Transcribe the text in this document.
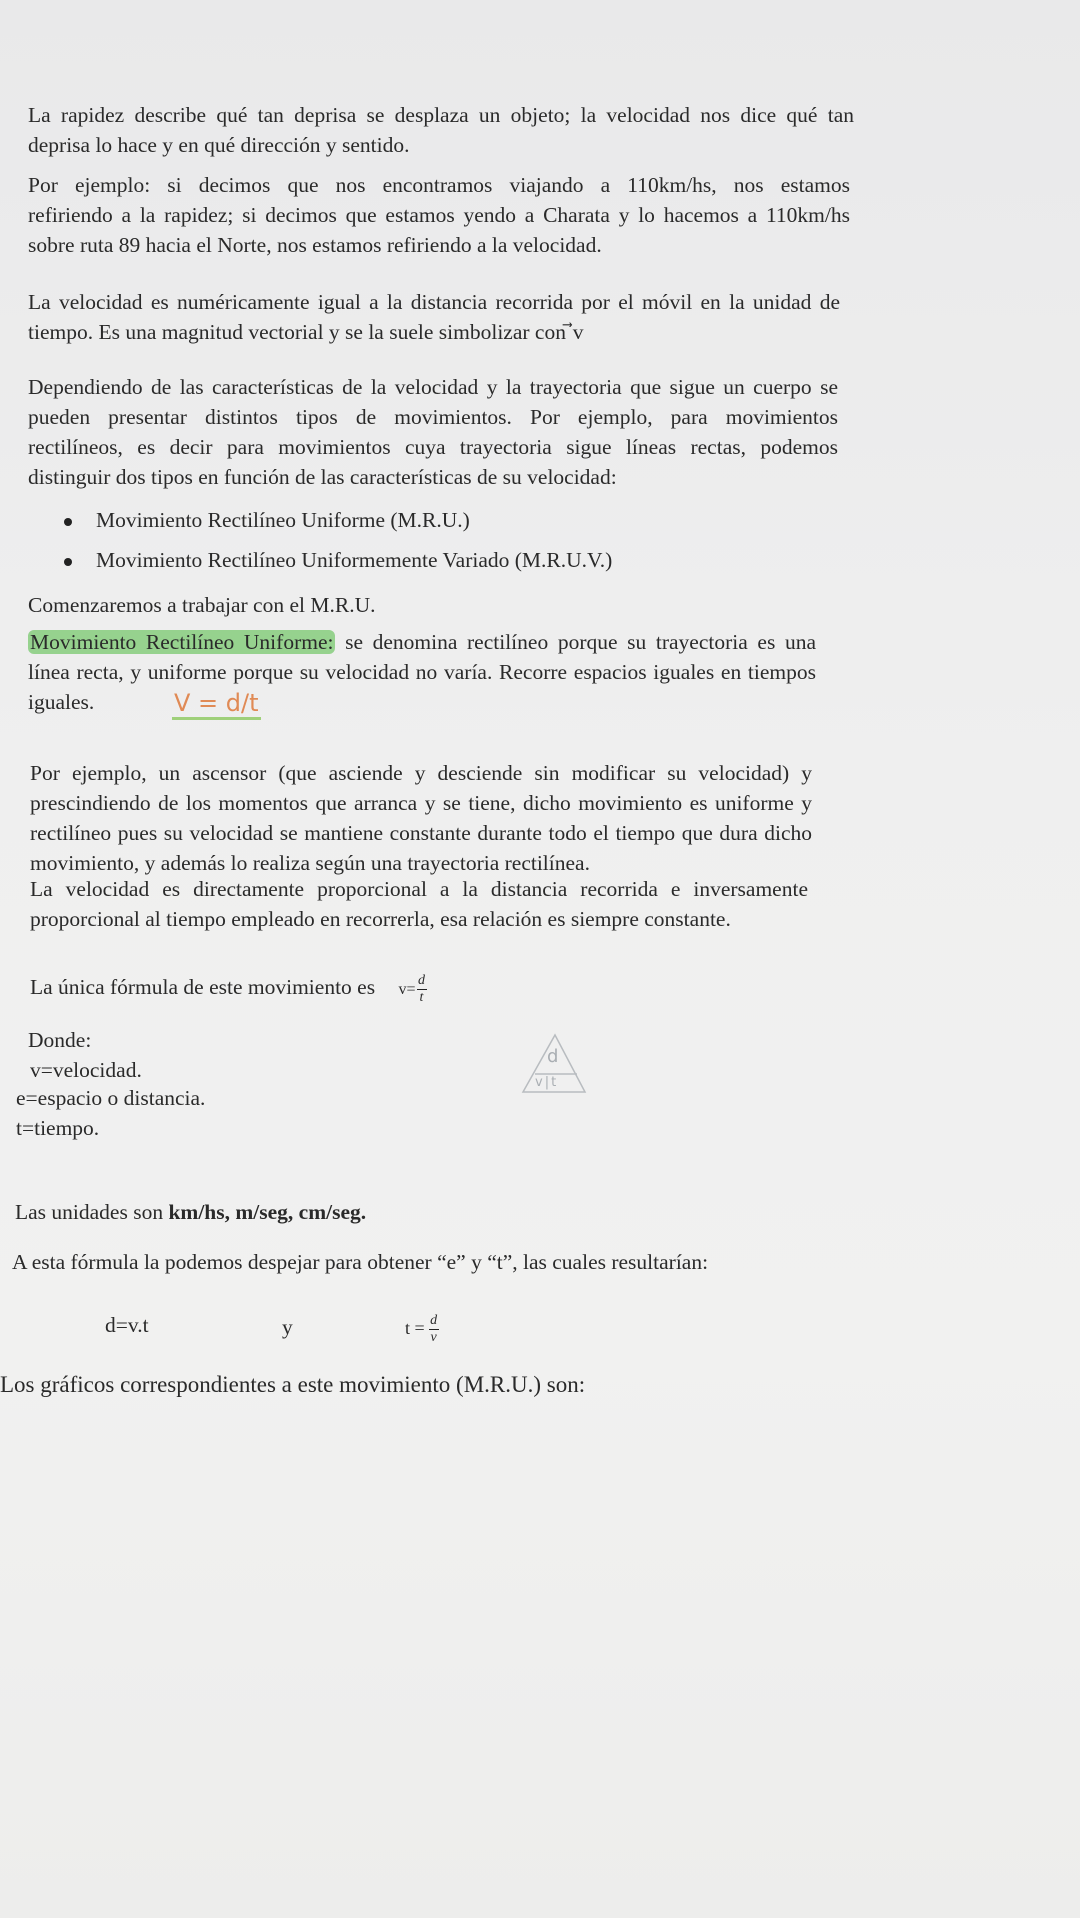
La rapidez describe qué tan deprisa se desplaza un objeto; la velocidad nos dice qué tan
deprisa lo hace y en qué dirección y sentido.
Por ejemplo: si decimos que nos encontramos viajando a 110km/hs, nos estamos
refiriendo a la rapidez; si decimos que estamos yendo a Charata y lo hacemos a 110km/hs
sobre ruta 89 hacia el Norte, nos estamos refiriendo a la velocidad.
La velocidad es numéricamente igual a la distancia recorrida por el móvil en la unidad de
tiempo. Es una magnitud vectorial y se la suele simbolizar con ⃗v
Dependiendo de las características de la velocidad y la trayectoria que sigue un cuerpo se
pueden presentar distintos tipos de movimientos. Por ejemplo, para movimientos
rectilíneos, es decir para movimientos cuya trayectoria sigue líneas rectas, podemos
distinguir dos tipos en función de las características de su velocidad:
Movimiento Rectilíneo Uniforme (M.R.U.)
Movimiento Rectilíneo Uniformemente Variado (M.R.U.V.)
Comenzaremos a trabajar con el M.R.U.
Movimiento Rectilíneo Uniforme: se denomina rectilíneo porque su trayectoria es una
línea recta, y uniforme porque su velocidad no varía. Recorre espacios iguales en tiempos
iguales.	V = d/t
Por ejemplo, un ascensor (que asciende y desciende sin modificar su velocidad) y
prescindiendo de los momentos que arranca y se tiene, dicho movimiento es uniforme y
rectilíneo pues su velocidad se mantiene constante durante todo el tiempo que dura dicho
movimiento, y además lo realiza según una trayectoria rectilínea.
La velocidad es directamente proporcional a la distancia recorrida e inversamente
proporcional al tiempo empleado en recorrerla, esa relación es siempre constante.
La única fórmula de este movimiento es $v= \frac{d}{t}$
Donde:
v=velocidad.
e=espacio o distancia.
t=tiempo.
d
v|t
Las unidades son km/hs, m/seg, cm/seg.
A esta fórmula la podemos despejar para obtener “e” y “t”, las cuales resultarían:
d=v.t	y	$t = \frac{d}{v}$
Los gráficos correspondientes a este movimiento (M.R.U.) son:
